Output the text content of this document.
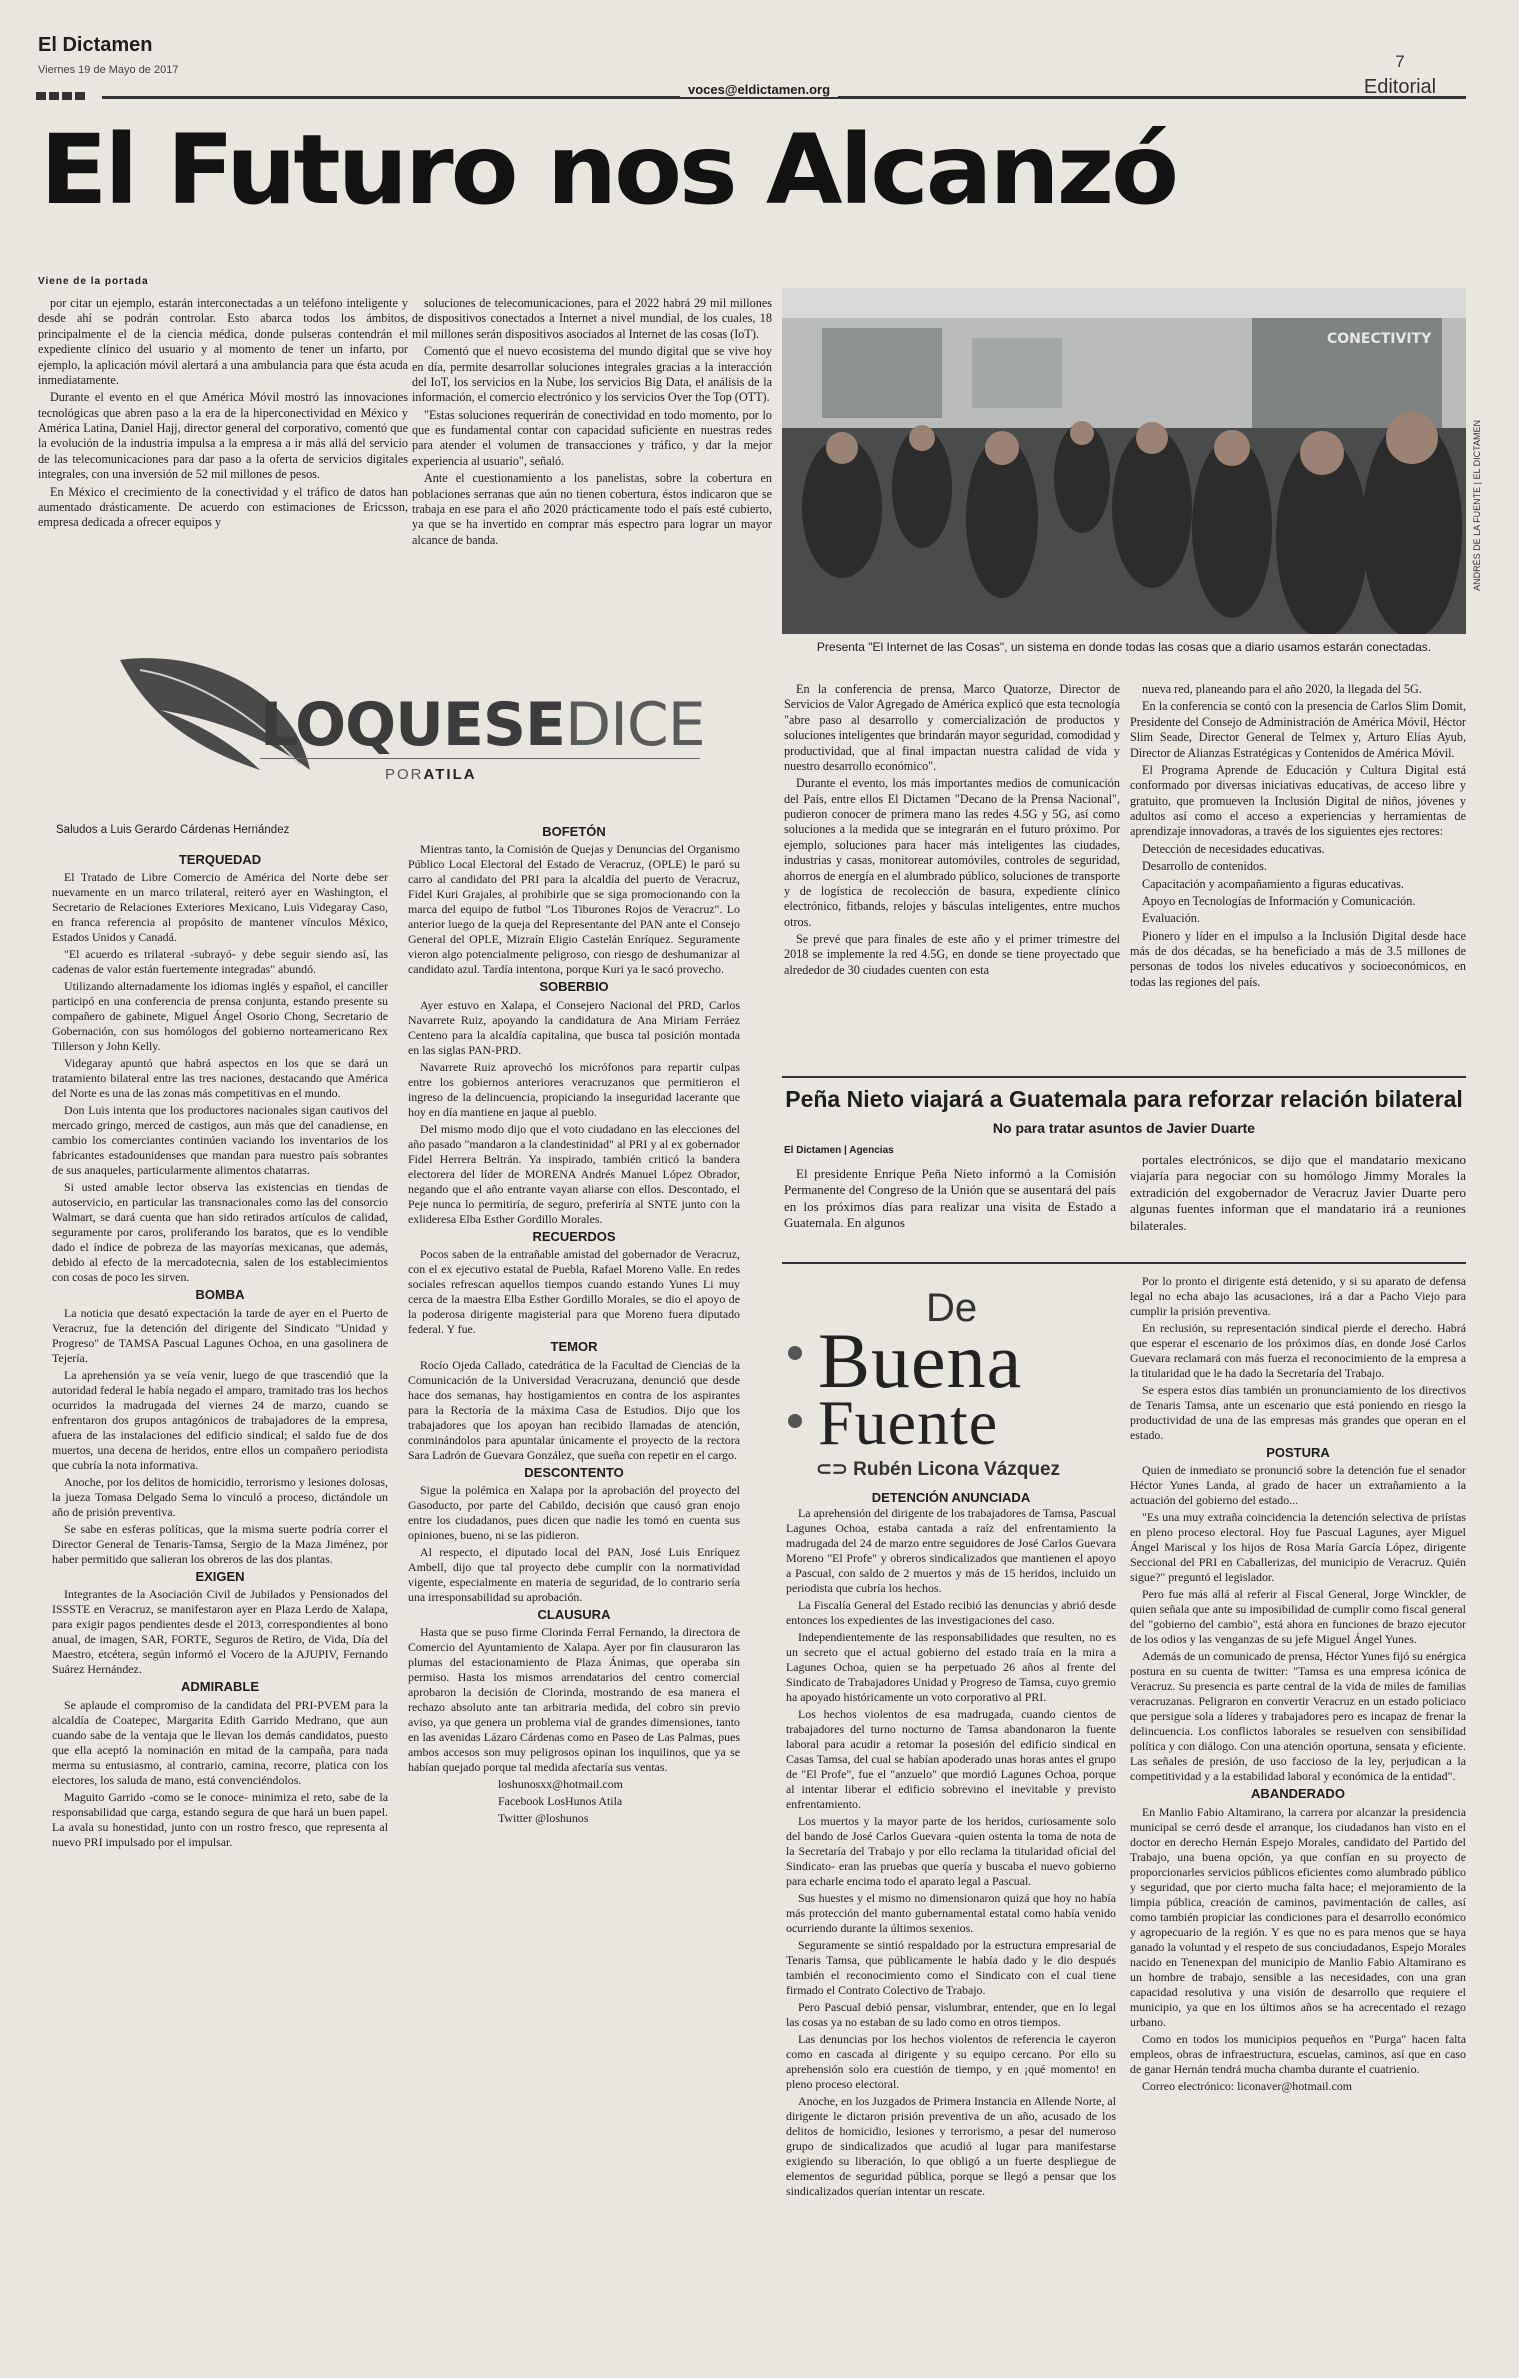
El Dictamen
Viernes 19 de Mayo de 2017
voces@eldictamen.org
7
Editorial
El Futuro nos Alcanzó
Viene de la portada

por citar un ejemplo, estarán interconectadas a un teléfono inteligente y desde ahí se podrán controlar. Esto abarca todos los ámbitos, principalmente el de la ciencia médica, donde pulseras contendrán el expediente clínico del usuario y al momento de tener un infarto, por ejemplo, la aplicación móvil alertará a una ambulancia para que ésta acuda inmediatamente.

Durante el evento en el que América Móvil mostró las innovaciones tecnológicas que abren paso a la era de la hiperconectividad en México y América Latina, Daniel Hajj, director general del corporativo, comentó que la evolución de la industria impulsa a la empresa a ir más allá del servicio de las telecomunicaciones para dar paso a la oferta de servicios digitales integrales, con una inversión de 52 mil millones de pesos.

En México el crecimiento de la conectividad y el tráfico de datos han aumentado drásticamente. De acuerdo con estimaciones de Ericsson, empresa dedicada a ofrecer equipos y

soluciones de telecomunicaciones, para el 2022 habrá 29 mil millones de dispositivos conectados a Internet a nivel mundial, de los cuales, 18 mil millones serán dispositivos asociados al Internet de las cosas (IoT).

Comentó que el nuevo ecosistema del mundo digital que se vive hoy en día, permite desarrollar soluciones integrales gracias a la interacción del IoT, los servicios en la Nube, los servicios Big Data, el análisis de la información, el comercio electrónico y los servicios Over the Top (OTT).

"Estas soluciones requerirán de conectividad en todo momento, por lo que es fundamental contar con capacidad suficiente en nuestras redes para atender el volumen de transacciones y tráfico, y dar la mejor experiencia al usuario", señaló.

Ante el cuestionamiento a los panelistas, sobre la cobertura en poblaciones serranas que aún no tienen cobertura, éstos indicaron que se trabaja en ese para el año 2020 prácticamente todo el país esté cubierto, ya que se ha invertido en comprar más espectro para lograr un mayor alcance de banda.

CONECTIVITY
ANDRÉS DE LA FUENTE | EL DICTAMEN
Presenta "El Internet de las Cosas", un sistema en donde todas las cosas que a diario usamos estarán conectadas.
LOQUESEDICE
PORATILA
Saludos a Luis Gerardo Cárdenas Hernández

TERQUEDAD

El Tratado de Libre Comercio de América del Norte debe ser nuevamente en un marco trilateral, reiteró ayer en Washington, el Secretario de Relaciones Exteriores Mexicano, Luis Videgaray Caso, en franca referencia al propósito de mantener vínculos México, Estados Unidos y Canadá.

"El acuerdo es trilateral -subrayó- y debe seguir siendo así, las cadenas de valor están fuertemente integradas" abundó.

Utilizando alternadamente los idiomas inglés y español, el canciller participó en una conferencia de prensa conjunta, estando presente su compañero de gabinete, Miguel Ángel Osorio Chong, Secretario de Gobernación, con sus homólogos del gobierno norteamericano Rex Tillerson y John Kelly.

Videgaray apuntó que habrá aspectos en los que se dará un tratamiento bilateral entre las tres naciones, destacando que América del Norte es una de las zonas más competitivas en el mundo.

Don Luis intenta que los productores nacionales sigan cautivos del mercado gringo, merced de castigos, aun más que del canadiense, en cambio los comerciantes continúen vaciando los inventarios de los fabricantes estadounidenses que mandan para nuestro país sobrantes de sus anaqueles, particularmente alimentos chatarras.

Si usted amable lector observa las existencias en tiendas de autoservicio, en particular las transnacionales como las del consorcio Walmart, se dará cuenta que han sido retirados artículos de calidad, seguramente por caros, proliferando los baratos, que es lo vendible dado el índice de pobreza de las mayorías mexicanas, que además, debido al efecto de la mercadotecnia, salen de los establecimientos con cosas de poco les sirven.

BOMBA

La noticia que desató expectación la tarde de ayer en el Puerto de Veracruz, fue la detención del dirigente del Sindicato "Unidad y Progreso" de TAMSA Pascual Lagunes Ochoa, en una gasolinera de Tejería.

La aprehensión ya se veía venir, luego de que trascendió que la autoridad federal le había negado el amparo, tramitado tras los hechos ocurridos la madrugada del viernes 24 de marzo, cuando se enfrentaron dos grupos antagónicos de trabajadores de la empresa, afuera de las instalaciones del edificio sindical; el saldo fue de dos muertos, una decena de heridos, entre ellos un compañero periodista que cubría la nota informativa.

Anoche, por los delitos de homicidio, terrorismo y lesiones dolosas, la jueza Tomasa Delgado Sema lo vinculó a proceso, dictándole un año de prisión preventiva.

Se sabe en esferas políticas, que la misma suerte podría correr el Director General de Tenaris-Tamsa, Sergio de la Maza Jiménez, por haber permitido que salieran los obreros de las dos plantas.

EXIGEN

Integrantes de la Asociación Civil de Jubilados y Pensionados del ISSSTE en Veracruz, se manifestaron ayer en Plaza Lerdo de Xalapa, para exigir pagos pendientes desde el 2013, correspondientes al bono anual, de imagen, SAR, FORTE, Seguros de Retiro, de Vida, Día del Maestro, etcétera, según informó el Vocero de la AJUPIV, Fernando Suárez Hernández.

ADMIRABLE

Se aplaude el compromiso de la candidata del PRI-PVEM para la alcaldía de Coatepec, Margarita Edith Garrido Medrano, que aun cuando sabe de la ventaja que le llevan los demás candidatos, puesto que ella aceptó la nominación en mitad de la campaña, para nada merma su entusiasmo, al contrario, camina, recorre, platica con los electores, los saluda de mano, está convenciéndolos.

Maguito Garrido -como se le conoce- minimiza el reto, sabe de la responsabilidad que carga, estando segura de que hará un buen papel. La avala su honestidad, junto con un rostro fresco, que representa al nuevo PRI impulsado por el impulsar.

BOFETÓN

Mientras tanto, la Comisión de Quejas y Denuncias del Organismo Público Local Electoral del Estado de Veracruz, (OPLE) le paró su carro al candidato del PRI para la alcaldía del puerto de Veracruz, Fidel Kuri Grajales, al prohibirle que se siga promocionando con la marca del equipo de futbol "Los Tiburones Rojos de Veracruz". Lo anterior luego de la queja del Representante del PAN ante el Consejo General del OPLE, Mizraín Eligio Castelán Enríquez. Seguramente vieron algo potencialmente peligroso, con riesgo de deshumanizar al candidato azul. Tardía intentona, porque Kuri ya le sacó provecho.

SOBERBIO

Ayer estuvo en Xalapa, el Consejero Nacional del PRD, Carlos Navarrete Ruiz, apoyando la candidatura de Ana Miriam Ferráez Centeno para la alcaldía capitalina, que busca tal posición montada en las siglas PAN-PRD.

Navarrete Ruiz aprovechó los micrófonos para repartir culpas entre los gobiernos anteriores veracruzanos que permitieron el ingreso de la delincuencia, propiciando la inseguridad lacerante que hoy en día mantiene en jaque al pueblo.

Del mismo modo dijo que el voto ciudadano en las elecciones del año pasado "mandaron a la clandestinidad" al PRI y al ex gobernador Fidel Herrera Beltrán. Ya inspirado, también criticó la bandera electorera del líder de MORENA Andrés Manuel López Obrador, negando que el año entrante vayan aliarse con ellos. Descontado, el Peje nunca lo permitiría, de seguro, preferiría al SNTE junto con la exlideresa Elba Esther Gordillo Morales.

RECUERDOS

Pocos saben de la entrañable amistad del gobernador de Veracruz, con el ex ejecutivo estatal de Puebla, Rafael Moreno Valle. En redes sociales refrescan aquellos tiempos cuando estando Yunes Li muy cerca de la maestra Elba Esther Gordillo Morales, se dio el apoyo de la poderosa dirigente magisterial para que Moreno fuera diputado federal. Y fue.

TEMOR

Rocío Ojeda Callado, catedrática de la Facultad de Ciencias de la Comunicación de la Universidad Veracruzana, denunció que desde hace dos semanas, hay hostigamientos en contra de los aspirantes para la Rectoría de la máxima Casa de Estudios. Dijo que los trabajadores que los apoyan han recibido llamadas de atención, conminándolos para apuntalar únicamente el proyecto de la rectora Sara Ladrón de Guevara González, que sueña con repetir en el cargo.

DESCONTENTO

Sigue la polémica en Xalapa por la aprobación del proyecto del Gasoducto, por parte del Cabildo, decisión que causó gran enojo entre los ciudadanos, pues dicen que nadie les tomó en cuenta sus opiniones, bueno, ni se las pidieron.

Al respecto, el diputado local del PAN, José Luis Enríquez Ambell, dijo que tal proyecto debe cumplir con la normatividad vigente, especialmente en materia de seguridad, de lo contrario sería una irresponsabilidad su aprobación.

CLAUSURA

Hasta que se puso firme Clorinda Ferral Fernando, la directora de Comercio del Ayuntamiento de Xalapa. Ayer por fin clausuraron las plumas del estacionamiento de Plaza Ánimas, que operaba sin permiso. Hasta los mismos arrendatarios del centro comercial aprobaron la decisión de Clorinda, mostrando de esa manera el rechazo absoluto ante tan arbitraria medida, del cobro sin previo aviso, ya que genera un problema vial de grandes dimensiones, tanto en las avenidas Lázaro Cárdenas como en Paseo de Las Palmas, pues ambos accesos son muy peligrosos opinan los inquilinos, que ya se habían quejado porque tal medida afectaría sus ventas.

loshunosxx@hotmail.com

Facebook LosHunos Atila

Twitter @loshunos

En la conferencia de prensa, Marco Quatorze, Director de Servicios de Valor Agregado de América explicó que esta tecnología "abre paso al desarrollo y comercialización de productos y soluciones inteligentes que brindarán mayor seguridad, comodidad y productividad, que al final impactan nuestra calidad de vida y nuestro desarrollo económico".

Durante el evento, los más importantes medios de comunicación del País, entre ellos El Dictamen "Decano de la Prensa Nacional", pudieron conocer de primera mano las redes 4.5G y 5G, así como soluciones a la medida que se integrarán en el futuro próximo. Por ejemplo, soluciones para hacer más inteligentes las ciudades, industrias y casas, monitorear automóviles, controles de seguridad, ahorros de energía en el alumbrado público, soluciones de transporte y de logística de recolección de basura, expediente clínico electrónico, fitbands, relojes y básculas inteligentes, entre muchos otros.

Se prevé que para finales de este año y el primer trimestre del 2018 se implemente la red 4.5G, en donde se tiene proyectado que alrededor de 30 ciudades cuenten con esta

nueva red, planeando para el año 2020, la llegada del 5G.

En la conferencia se contó con la presencia de Carlos Slim Domit, Presidente del Consejo de Administración de América Móvil, Héctor Slim Seade, Director General de Telmex y, Arturo Elías Ayub, Director de Alianzas Estratégicas y Contenidos de América Móvil.

El Programa Aprende de Educación y Cultura Digital está conformado por diversas iniciativas educativas, de acceso libre y gratuito, que promueven la Inclusión Digital de niños, jóvenes y adultos así como el acceso a experiencias y herramientas de aprendizaje innovadoras, a través de los siguientes ejes rectores:

Detección de necesidades educativas.

Desarrollo de contenidos.

Capacitación y acompañamiento a figuras educativas.

Apoyo en Tecnologías de Información y Comunicación.

Evaluación.

Pionero y líder en el impulso a la Inclusión Digital desde hace más de dos décadas, se ha beneficiado a más de 3.5 millones de personas de todos los niveles educativos y socioeconómicos, en todas las regiones del país.

Peña Nieto viajará a Guatemala para reforzar relación bilateral
No para tratar asuntos de Javier Duarte
El Dictamen | Agencias

El presidente Enrique Peña Nieto informó a la Comisión Permanente del Congreso de la Unión que se ausentará del país en los próximos días para realizar una visita de Estado a Guatemala. En algunos

portales electrónicos, se dijo que el mandatario mexicano viajaría para negociar con su homólogo Jimmy Morales la extradición del exgobernador de Veracruz Javier Duarte pero algunas fuentes informan que el mandatario irá a reuniones bilaterales.

De
Buena
Fuente
⊂⊃ Rubén Licona Vázquez
DETENCIÓN ANUNCIADA

La aprehensión del dirigente de los trabajadores de Tamsa, Pascual Lagunes Ochoa, estaba cantada a raíz del enfrentamiento la madrugada del 24 de marzo entre seguidores de José Carlos Guevara Moreno "El Profe" y obreros sindicalizados que mantienen el apoyo a Pascual, con saldo de 2 muertos y más de 15 heridos, incluido un periodista que cubría los hechos.

La Fiscalía General del Estado recibió las denuncias y abrió desde entonces los expedientes de las investigaciones del caso.

Independientemente de las responsabilidades que resulten, no es un secreto que el actual gobierno del estado traía en la mira a Lagunes Ochoa, quien se ha perpetuado 26 años al frente del Sindicato de Trabajadores Unidad y Progreso de Tamsa, cuyo gremio ha apoyado históricamente un voto corporativo al PRI.

Los hechos violentos de esa madrugada, cuando cientos de trabajadores del turno nocturno de Tamsa abandonaron la fuente laboral para acudir a retomar la posesión del edificio sindical en Casas Tamsa, del cual se habían apoderado unas horas antes el grupo de "El Profe", fue el "anzuelo" que mordió Lagunes Ochoa, porque al intentar liberar el edificio sobrevino el inevitable y previsto enfrentamiento.

Los muertos y la mayor parte de los heridos, curiosamente solo del bando de José Carlos Guevara -quien ostenta la toma de nota de la Secretaría del Trabajo y por ello reclama la titularidad oficial del Sindicato- eran las pruebas que quería y buscaba el nuevo gobierno para echarle encima todo el aparato legal a Pascual.

Sus huestes y el mismo no dimensionaron quizá que hoy no había más protección del manto gubernamental estatal como había venido ocurriendo durante la últimos sexenios.

Seguramente se sintió respaldado por la estructura empresarial de Tenaris Tamsa, que públicamente le había dado y le dio después también el reconocimiento como el Sindicato con el cual tiene firmado el Contrato Colectivo de Trabajo.

Pero Pascual debió pensar, vislumbrar, entender, que en lo legal las cosas ya no estaban de su lado como en otros tiempos.

Las denuncias por los hechos violentos de referencia le cayeron como en cascada al dirigente y su equipo cercano. Por ello su aprehensión solo era cuestión de tiempo, y en ¡qué momento! en pleno proceso electoral.

Anoche, en los Juzgados de Primera Instancia en Allende Norte, al dirigente le dictaron prisión preventiva de un año, acusado de los delitos de homicidio, lesiones y terrorismo, a pesar del numeroso grupo de sindicalizados que acudió al lugar para manifestarse exigiendo su liberación, lo que obligó a un fuerte despliegue de elementos de seguridad pública, porque se llegó a pensar que los sindicalizados querían intentar un rescate.

Por lo pronto el dirigente está detenido, y si su aparato de defensa legal no echa abajo las acusaciones, irá a dar a Pacho Viejo para cumplir la prisión preventiva.

En reclusión, su representación sindical pierde el derecho. Habrá que esperar el escenario de los próximos días, en donde José Carlos Guevara reclamará con más fuerza el reconocimiento de la empresa a la titularidad que le ha dado la Secretaría del Trabajo.

Se espera estos días también un pronunciamiento de los directivos de Tenaris Tamsa, ante un escenario que está poniendo en riesgo la productividad de una de las empresas más grandes que operan en el estado.

POSTURA

Quien de inmediato se pronunció sobre la detención fue el senador Héctor Yunes Landa, al grado de hacer un extrañamiento a la actuación del gobierno del estado...

"Es una muy extraña coincidencia la detención selectiva de priístas en pleno proceso electoral. Hoy fue Pascual Lagunes, ayer Miguel Ángel Mariscal y los hijos de Rosa María García López, dirigente Seccional del PRI en Caballerizas, del municipio de Veracruz. Quién sigue?" preguntó el legislador.

Pero fue más allá al referir al Fiscal General, Jorge Winckler, de quien señala que ante su imposibilidad de cumplir como fiscal general del "gobierno del cambio", está ahora en funciones de brazo ejecutor de los odios y las venganzas de su jefe Miguel Ángel Yunes.

Además de un comunicado de prensa, Héctor Yunes fijó su enérgica postura en su cuenta de twitter: "Tamsa es una empresa icónica de Veracruz. Su presencia es parte central de la vida de miles de familias veracruzanas. Peligraron en convertir Veracruz en un estado policiaco que persigue sola a líderes y trabajadores pero es incapaz de frenar la delincuencia. Los conflictos laborales se resuelven con sensibilidad política y con diálogo. Con una atención oportuna, sensata y eficiente. Las señales de presión, de uso faccioso de la ley, perjudican a la competitividad y a la estabilidad laboral y económica de la entidad".

ABANDERADO

En Manlio Fabio Altamirano, la carrera por alcanzar la presidencia municipal se cerró desde el arranque, los ciudadanos han visto en el doctor en derecho Hernán Espejo Morales, candidato del Partido del Trabajo, una buena opción, ya que confían en su proyecto de proporcionarles servicios públicos eficientes como alumbrado público y seguridad, que por cierto mucha falta hace; el mejoramiento de la limpia pública, creación de caminos, pavimentación de calles, así como también propiciar las condiciones para el desarrollo económico y agropecuario de la región. Y es que no es para menos que se haya ganado la voluntad y el respeto de sus conciudadanos, Espejo Morales nacido en Tenenexpan del municipio de Manlio Fabio Altamirano es un hombre de trabajo, sensible a las necesidades, con una gran capacidad resolutiva y una visión de desarrollo que requiere el municipio, ya que en los últimos años se ha acrecentado el rezago urbano.

Como en todos los municipios pequeños en "Purga" hacen falta empleos, obras de infraestructura, escuelas, caminos, así que en caso de ganar Hernán tendrá mucha chamba durante el cuatrienio.

Correo electrónico: liconaver@hotmail.com
